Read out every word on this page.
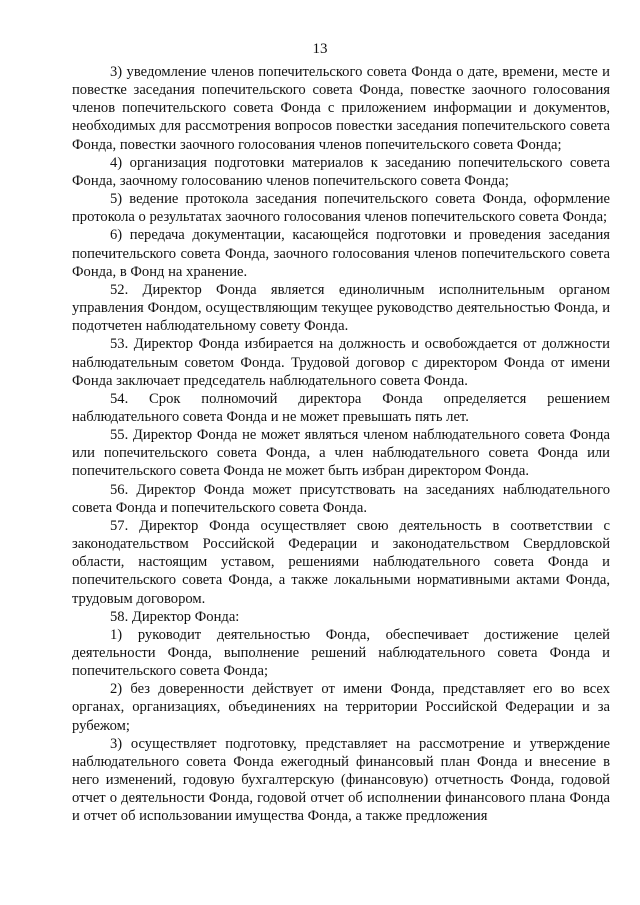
13

3) уведомление членов попечительского совета Фонда о дате, времени, месте и повестке заседания попечительского совета Фонда, повестке заочного голосования членов попечительского совета Фонда с приложением информации и документов, необходимых для рассмотрения вопросов повестки заседания попечительского совета Фонда, повестки заочного голосования членов попечительского совета Фонда;

4) организация подготовки материалов к заседанию попечительского совета Фонда, заочному голосованию членов попечительского совета Фонда;

5) ведение протокола заседания попечительского совета Фонда, оформление протокола о результатах заочного голосования членов попечительского совета Фонда;

6) передача документации, касающейся подготовки и проведения заседания попечительского совета Фонда, заочного голосования членов попечительского совета Фонда, в Фонд на хранение.

52. Директор Фонда является единоличным исполнительным органом управления Фондом, осуществляющим текущее руководство деятельностью Фонда, и подотчетен наблюдательному совету Фонда.

53. Директор Фонда избирается на должность и освобождается от должности наблюдательным советом Фонда. Трудовой договор с директором Фонда от имени Фонда заключает председатель наблюдательного совета Фонда.

54. Срок полномочий директора Фонда определяется решением наблюдательного совета Фонда и не может превышать пять лет.

55. Директор Фонда не может являться членом наблюдательного совета Фонда или попечительского совета Фонда, а член наблюдательного совета Фонда или попечительского совета Фонда не может быть избран директором Фонда.

56. Директор Фонда может присутствовать на заседаниях наблюдательного совета Фонда и попечительского совета Фонда.

57. Директор Фонда осуществляет свою деятельность в соответствии с законодательством Российской Федерации и законодательством Свердловской области, настоящим уставом, решениями наблюдательного совета Фонда и попечительского совета Фонда, а также локальными нормативными актами Фонда, трудовым договором.

58. Директор Фонда:

1) руководит деятельностью Фонда, обеспечивает достижение целей деятельности Фонда, выполнение решений наблюдательного совета Фонда и попечительского совета Фонда;

2) без доверенности действует от имени Фонда, представляет его во всех органах, организациях, объединениях на территории Российской Федерации и за рубежом;

3) осуществляет подготовку, представляет на рассмотрение и утверждение наблюдательного совета Фонда ежегодный финансовый план Фонда и внесение в него изменений, годовую бухгалтерскую (финансовую) отчетность Фонда, годовой отчет о деятельности Фонда, годовой отчет об исполнении финансового плана Фонда и отчет об использовании имущества Фонда, а также предложения
